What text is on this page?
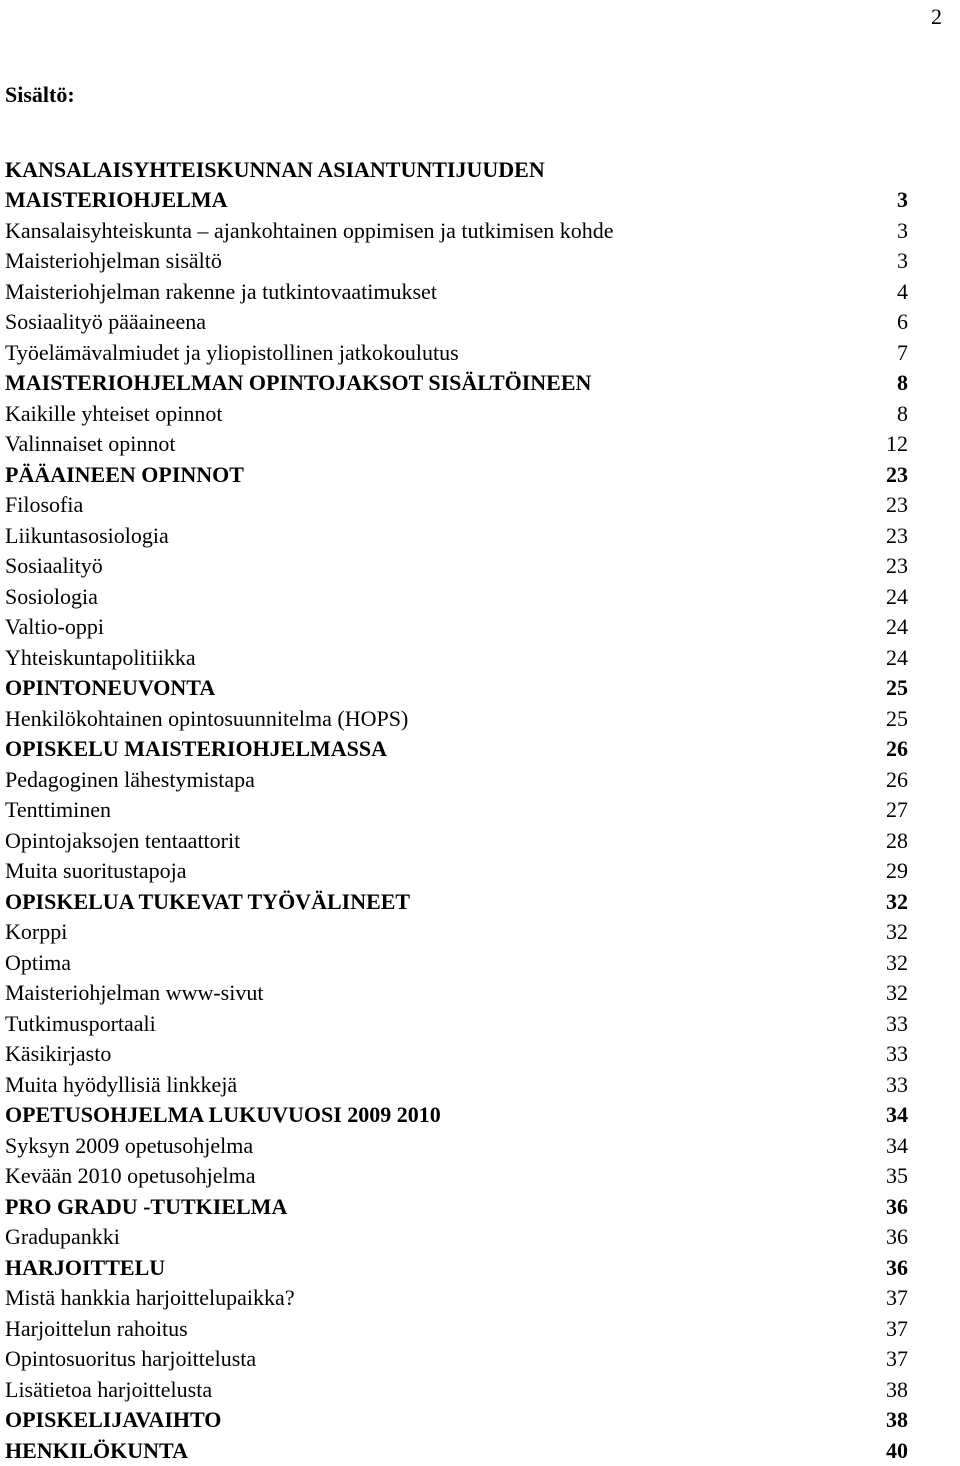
2
Sisältö:
KANSALAISYHTEISKUNNAN ASIANTUNTIJUUDEN
MAISTERIOHJELMA	3
Kansalaisyhteiskunta – ajankohtainen oppimisen ja tutkimisen kohde	3
Maisteriohjelman sisältö	3
Maisteriohjelman rakenne ja tutkintovaatimukset	4
Sosiaalityö pääaineena	6
Työelämävalmiudet ja yliopistollinen jatkokoulutus	7
MAISTERIOHJELMAN OPINTOJAKSOT SISÄLTÖINEEN	8
Kaikille yhteiset opinnot	8
Valinnaiset opinnot	12
PÄÄAINEEN OPINNOT	23
Filosofia	23
Liikuntasosiologia	23
Sosiaalityö	23
Sosiologia	24
Valtio-oppi	24
Yhteiskuntapolitiikka	24
OPINTONEUVONTA	25
Henkilökohtainen opintosuunnitelma (HOPS)	25
OPISKELU MAISTERIOHJELMASSA	26
Pedagoginen lähestymistapa	26
Tenttiminen	27
Opintojaksojen tentaattorit	28
Muita suoritustapoja	29
OPISKELUA TUKEVAT TYÖVÄLINEET	32
Korppi	32
Optima	32
Maisteriohjelman www-sivut	32
Tutkimusportaali	33
Käsikirjasto	33
Muita hyödyllisiä linkkejä	33
OPETUSOHJELMA LUKUVUOSI 2009 2010	34
Syksyn 2009 opetusohjelma	34
Kevään 2010 opetusohjelma	35
PRO GRADU -TUTKIELMA	36
Gradupankki	36
HARJOITTELU	36
Mistä hankkia harjoittelupaikka?	37
Harjoittelun rahoitus	37
Opintosuoritus harjoittelusta	37
Lisätietoa harjoittelusta	38
OPISKELIJAVAIHTO	38
HENKILÖKUNTA	40
